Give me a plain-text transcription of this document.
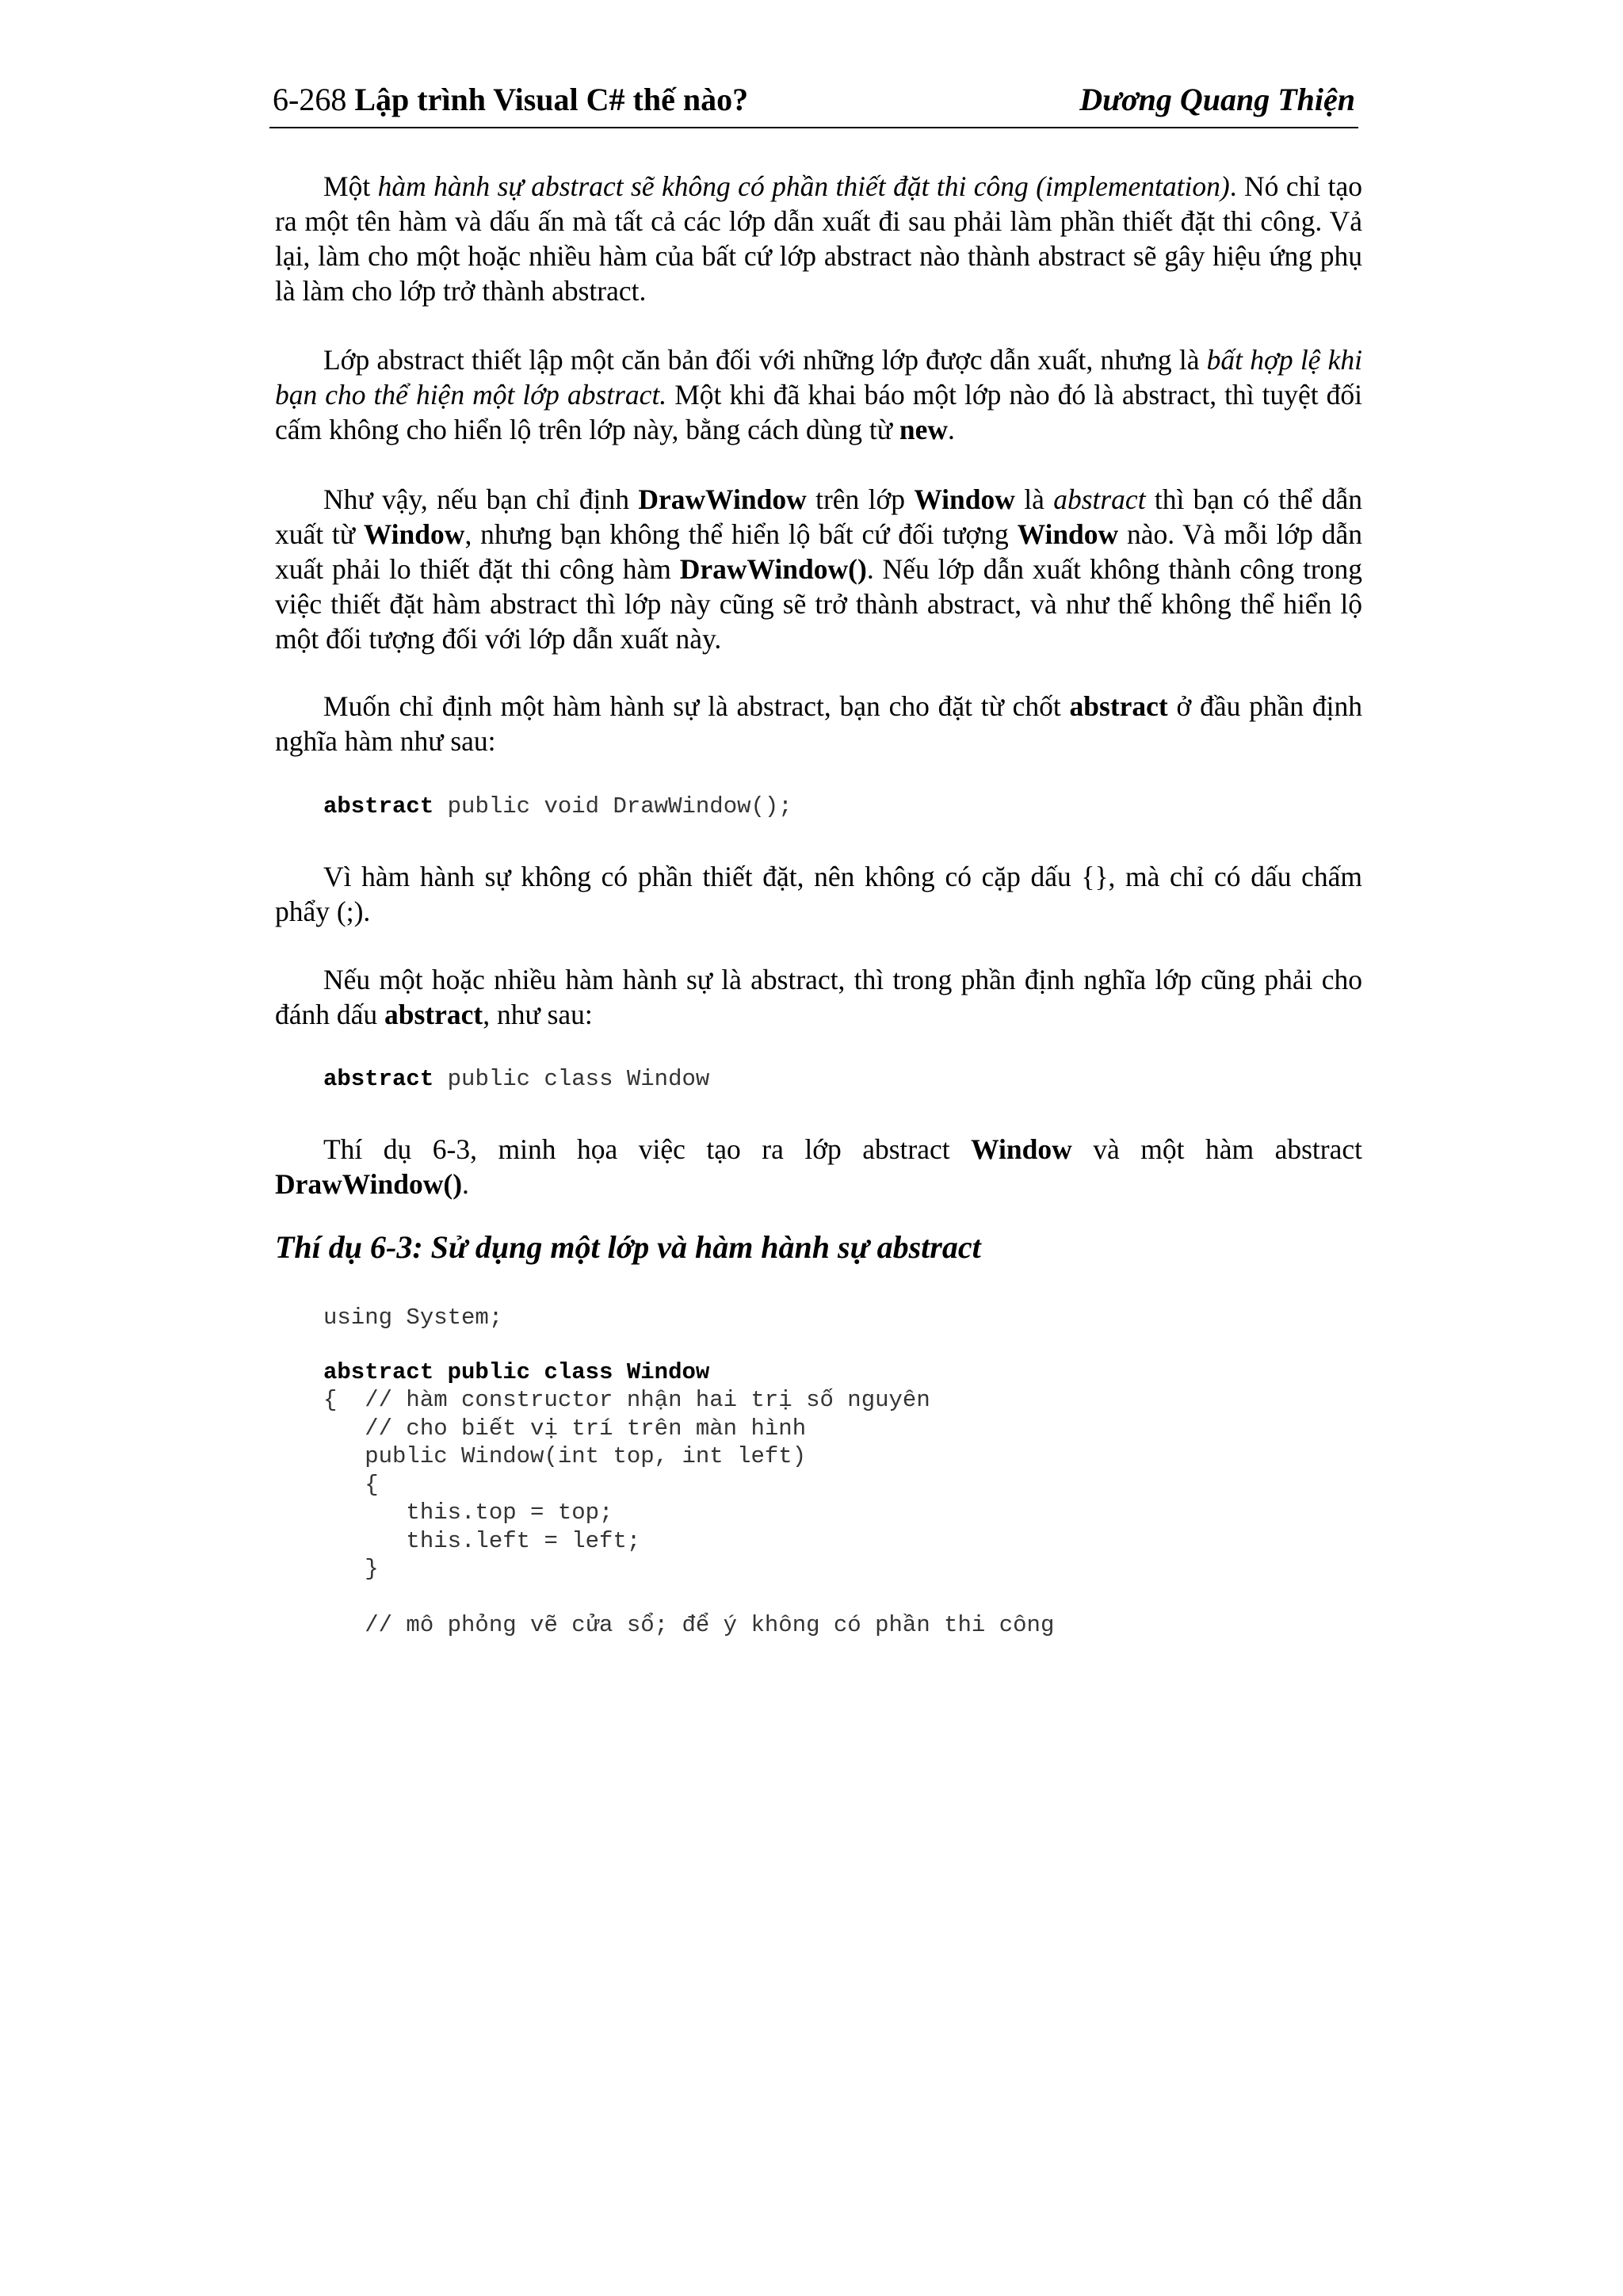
6-268 Lập trình Visual C# thế nào?	Dương Quang Thiện

Một hàm hành sự abstract sẽ không có phần thiết đặt thi công (implementation). Nó chỉ tạo ra một tên hàm và dấu ấn mà tất cả các lớp dẫn xuất đi sau phải làm phần thiết đặt thi công. Vả lại, làm cho một hoặc nhiều hàm của bất cứ lớp abstract nào thành abstract sẽ gây hiệu ứng phụ là làm cho lớp trở thành abstract.

Lớp abstract thiết lập một căn bản đối với những lớp được dẫn xuất, nhưng là bất hợp lệ khi bạn cho thể hiện một lớp abstract. Một khi đã khai báo một lớp nào đó là abstract, thì tuyệt đối cấm không cho hiển lộ trên lớp này, bằng cách dùng từ new.

Như vậy, nếu bạn chỉ định DrawWindow trên lớp Window là abstract thì bạn có thể dẫn xuất từ Window, nhưng bạn không thể hiển lộ bất cứ đối tượng Window nào. Và mỗi lớp dẫn xuất phải lo thiết đặt thi công hàm DrawWindow(). Nếu lớp dẫn xuất không thành công trong việc thiết đặt hàm abstract thì lớp này cũng sẽ trở thành abstract, và như thế không thể hiển lộ một đối tượng đối với lớp dẫn xuất này.

Muốn chỉ định một hàm hành sự là abstract, bạn cho đặt từ chốt abstract ở đầu phần định nghĩa hàm như sau:

abstract public void DrawWindow();

Vì hàm hành sự không có phần thiết đặt, nên không có cặp dấu {}, mà chỉ có dấu chấm phẩy (;).

Nếu một hoặc nhiều hàm hành sự là abstract, thì trong phần định nghĩa lớp cũng phải cho đánh dấu abstract, như sau:

abstract public class Window

Thí dụ 6-3, minh họa việc tạo ra lớp abstract Window và một hàm abstract DrawWindow().

Thí dụ 6-3: Sử dụng một lớp và hàm hành sự abstract
using System;
abstract public class Window
{  // hàm constructor nhận hai trị số nguyên
// cho biết vị trí trên màn hình
public Window(int top, int left)
{
this.top = top;
this.left = left;
}

// mô phỏng vẽ cửa sổ; để ý không có phần thi công
